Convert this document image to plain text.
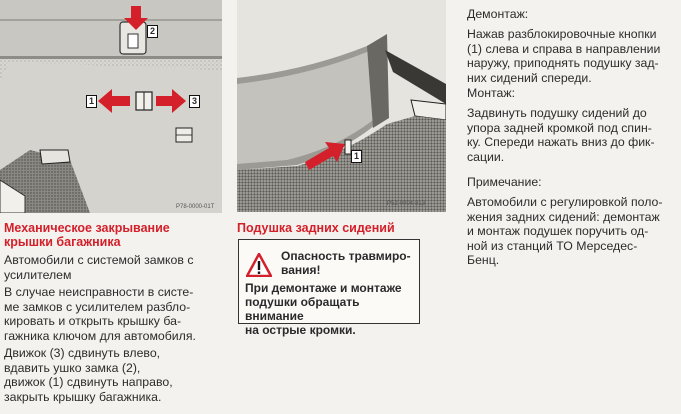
2
1	3
P78-0000-01T
1
P52-0004-813
Механическое закрывание
крышки багажника
Автомобили с системой замков с
усилителем
В случае неисправности в систе-
ме замков с усилителем разбло-
кировать и открыть крышку ба-
гажника ключом для автомобиля.
Движок (3) сдвинуть влево,
вдавить ушко замка (2),
движок (1) сдвинуть направо,
закрыть крышку багажника.
Подушка задних сидений
Опасность травмиро-
вания!
При демонтаже и монтаже
подушки обращать внимание
на острые кромки.
Демонтаж:
Нажав разблокировочные кнопки
(1) слева и справа в направлении
наружу, приподнять подушку зад-
них сидений спереди.
Монтаж:
Задвинуть подушку сидений до
упора задней кромкой под спин-
ку. Спереди нажать вниз до фик-
сации.
Примечание:
Автомобили с регулировкой поло-
жения задних сидений: демонтаж
и монтаж подушек поручить од-
ной из станций ТО Мерседес-
Бенц.
